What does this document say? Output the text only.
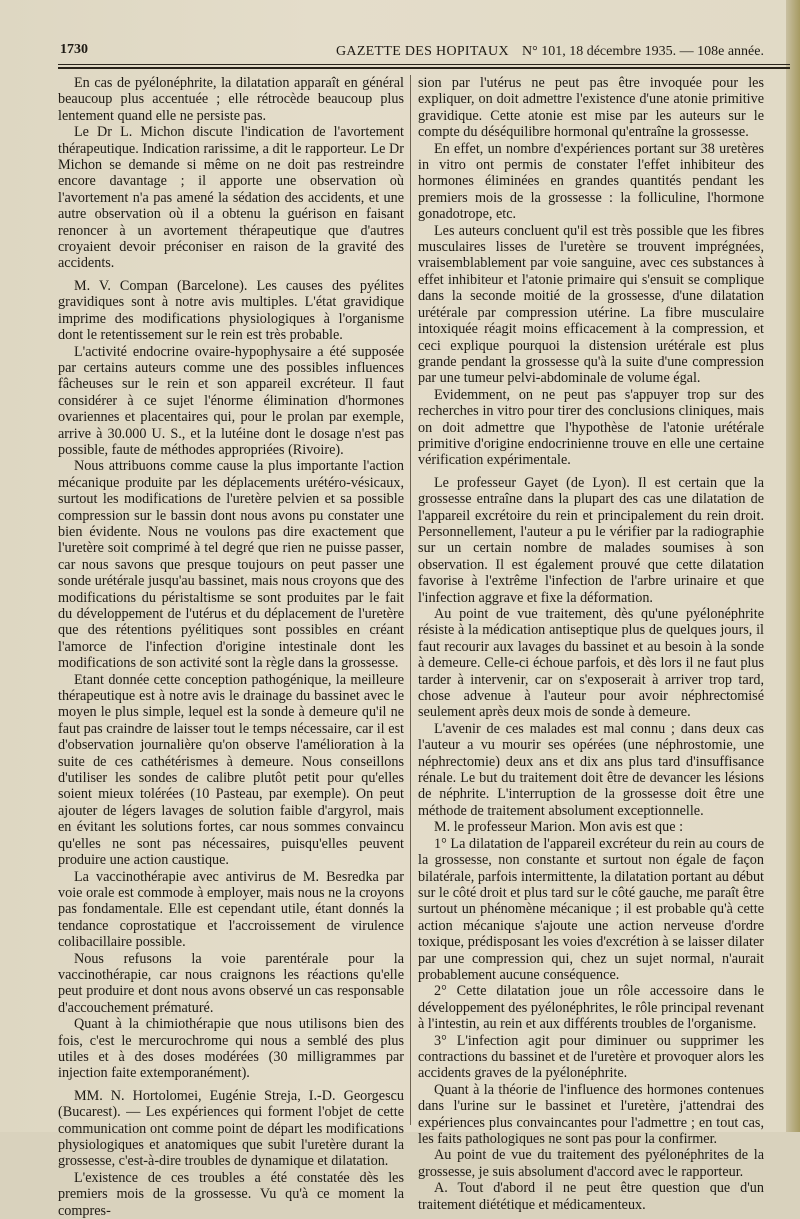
1730	GAZETTE DES HOPITAUX N° 101, 18 décembre 1935. — 108e année.

En cas de pyélonéphrite, la dilatation apparaît en général beaucoup plus accentuée ; elle rétrocède beaucoup plus lentement quand elle ne persiste pas.

Le Dr L. Michon discute l'indication de l'avortement thérapeutique. Indication rarissime, a dit le rapporteur. Le Dr Michon se demande si même on ne doit pas restreindre encore davantage ; il apporte une observation où l'avortement n'a pas amené la sédation des accidents, et une autre observation où il a obtenu la guérison en faisant renoncer à un avortement thérapeutique que d'autres croyaient devoir préconiser en raison de la gravité des accidents.

M. V. Compan (Barcelone). Les causes des pyélites gravidiques sont à notre avis multiples. L'état gravidique imprime des modifications physiologiques à l'organisme dont le retentissement sur le rein est très probable.

L'activité endocrine ovaire-hypophysaire a été supposée par certains auteurs comme une des possibles influences fâcheuses sur le rein et son appareil excréteur. Il faut considérer à ce sujet l'énorme élimination d'hormones ovariennes et placentaires qui, pour le prolan par exemple, arrive à 30.000 U. S., et la lutéine dont le dosage n'est pas possible, faute de méthodes appropriées (Rivoire).

Nous attribuons comme cause la plus importante l'action mécanique produite par les déplacements urétéro-vésicaux, surtout les modifications de l'uretère pelvien et sa possible compression sur le bassin dont nous avons pu constater une bien évidente. Nous ne voulons pas dire exactement que l'uretère soit comprimé à tel degré que rien ne puisse passer, car nous savons que presque toujours on peut passer une sonde urétérale jusqu'au bassinet, mais nous croyons que des modifications du péristaltisme se sont produites par le fait du développement de l'utérus et du déplacement de l'uretère que des rétentions pyélitiques sont possibles en créant l'amorce de l'infection d'origine intestinale dont les modifications de son activité sont la règle dans la grossesse.

Etant donnée cette conception pathogénique, la meilleure thérapeutique est à notre avis le drainage du bassinet avec le moyen le plus simple, lequel est la sonde à demeure qu'il ne faut pas craindre de laisser tout le temps nécessaire, car il est d'observation journalière qu'on observe l'amélioration à la suite de ces cathétérismes à demeure. Nous conseillons d'utiliser les sondes de calibre plutôt petit pour qu'elles soient mieux tolérées (10 Pasteau, par exemple). On peut ajouter de légers lavages de solution faible d'argyrol, mais en évitant les solutions fortes, car nous sommes convaincu qu'elles ne sont pas nécessaires, puisqu'elles peuvent produire une action caustique.

La vaccinothérapie avec antivirus de M. Besredka par voie orale est commode à employer, mais nous ne la croyons pas fondamentale. Elle est cependant utile, étant donnés la tendance coprostatique et l'accroissement de virulence colibacillaire possible.

Nous refusons la voie parentérale pour la vaccinothérapie, car nous craignons les réactions qu'elle peut produire et dont nous avons observé un cas responsable d'accouchement prématuré.

Quant à la chimiothérapie que nous utilisons bien des fois, c'est le mercurochrome qui nous a semblé des plus utiles et à des doses modérées (30 milligrammes par injection faite extemporanément).

MM. N. Hortolomei, Eugénie Streja, I.-D. Georgescu (Bucarest). — Les expériences qui forment l'objet de cette communication ont comme point de départ les modifications physiologiques et anatomiques que subit l'uretère durant la grossesse, c'est-à-dire troubles de dynamique et dilatation.

L'existence de ces troubles a été constatée dès les premiers mois de la grossesse. Vu qu'à ce moment la compres-

sion par l'utérus ne peut pas être invoquée pour les expliquer, on doit admettre l'existence d'une atonie primitive gravidique. Cette atonie est mise par les auteurs sur le compte du déséquilibre hormonal qu'entraîne la grossesse.

En effet, un nombre d'expériences portant sur 38 uretères in vitro ont permis de constater l'effet inhibiteur des hormones éliminées en grandes quantités pendant les premiers mois de la grossesse : la folliculine, l'hormone gonadotrope, etc.

Les auteurs concluent qu'il est très possible que les fibres musculaires lisses de l'uretère se trouvent imprégnées, vraisemblablement par voie sanguine, avec ces substances à effet inhibiteur et l'atonie primaire qui s'ensuit se complique dans la seconde moitié de la grossesse, d'une dilatation urétérale par compression utérine. La fibre musculaire intoxiquée réagit moins efficacement à la compression, et ceci explique pourquoi la distension urétérale est plus grande pendant la grossesse qu'à la suite d'une compression par une tumeur pelvi-abdominale de volume égal.

Evidemment, on ne peut pas s'appuyer trop sur des recherches in vitro pour tirer des conclusions cliniques, mais on doit admettre que l'hypothèse de l'atonie urétérale primitive d'origine endocrinienne trouve en elle une certaine vérification expérimentale.

Le professeur Gayet (de Lyon). Il est certain que la grossesse entraîne dans la plupart des cas une dilatation de l'appareil excrétoire du rein et principalement du rein droit. Personnellement, l'auteur a pu le vérifier par la radiographie sur un certain nombre de malades soumises à son observation. Il est également prouvé que cette dilatation favorise à l'extrême l'infection de l'arbre urinaire et que l'infection aggrave et fixe la déformation.

Au point de vue traitement, dès qu'une pyélonéphrite résiste à la médication antiseptique plus de quelques jours, il faut recourir aux lavages du bassinet et au besoin à la sonde à demeure. Celle-ci échoue parfois, et dès lors il ne faut plus tarder à intervenir, car on s'exposerait à arriver trop tard, chose advenue à l'auteur pour avoir néphrectomisé seulement après deux mois de sonde à demeure.

L'avenir de ces malades est mal connu ; dans deux cas l'auteur a vu mourir ses opérées (une néphrostomie, une néphrectomie) deux ans et dix ans plus tard d'insuffisance rénale. Le but du traitement doit être de devancer les lésions de néphrite. L'interruption de la grossesse doit être une méthode de traitement absolument exceptionnelle.

M. le professeur Marion. Mon avis est que :

1° La dilatation de l'appareil excréteur du rein au cours de la grossesse, non constante et surtout non égale de façon bilatérale, parfois intermittente, la dilatation portant au début sur le côté droit et plus tard sur le côté gauche, me paraît être surtout un phénomène mécanique ; il est probable qu'à cette action mécanique s'ajoute une action nerveuse d'ordre toxique, prédisposant les voies d'excrétion à se laisser dilater par une compression qui, chez un sujet normal, n'aurait probablement aucune conséquence.

2° Cette dilatation joue un rôle accessoire dans le développement des pyélonéphrites, le rôle principal revenant à l'intestin, au rein et aux différents troubles de l'organisme.

3° L'infection agit pour diminuer ou supprimer les contractions du bassinet et de l'uretère et provoquer alors les accidents graves de la pyélonéphrite.

Quant à la théorie de l'influence des hormones contenues dans l'urine sur le bassinet et l'uretère, j'attendrai des expériences plus convaincantes pour l'admettre ; en tout cas, les faits pathologiques ne sont pas pour la confirmer.

Au point de vue du traitement des pyélonéphrites de la grossesse, je suis absolument d'accord avec le rapporteur.

A. Tout d'abord il ne peut être question que d'un traitement diététique et médicamenteux.
